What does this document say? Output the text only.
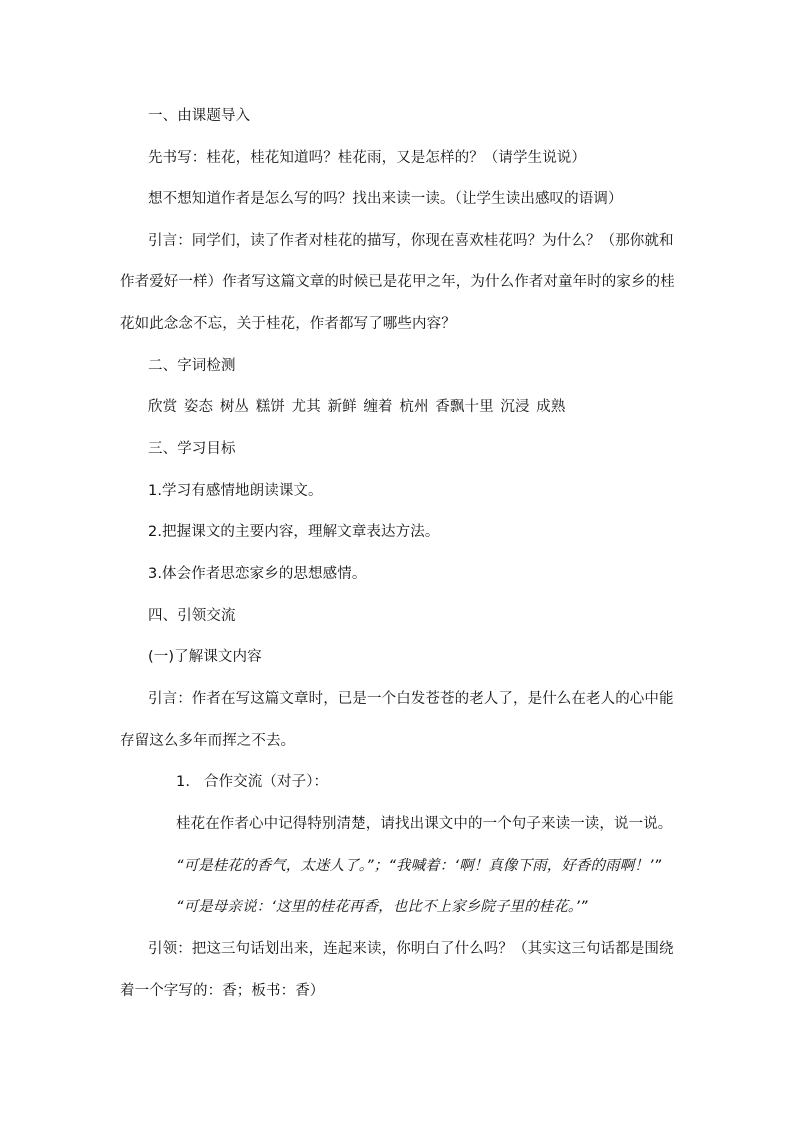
一、由课题导入
先书写：桂花，桂花知道吗？桂花雨，又是怎样的？（请学生说说）
想不想知道作者是怎么写的吗？找出来读一读。（让学生读出感叹的语调）
引言：同学们，读了作者对桂花的描写，你现在喜欢桂花吗？为什么？（那你就和
作者爱好一样）作者写这篇文章的时候已是花甲之年，为什么作者对童年时的家乡的桂
花如此念念不忘，关于桂花，作者都写了哪些内容？
二、字词检测
欣赏 姿态 树丛 糕饼 尤其 新鲜 缠着 杭州 香飘十里 沉浸 成熟
三、学习目标
1.学习有感情地朗读课文。
2.把握课文的主要内容，理解文章表达方法。
3.体会作者思恋家乡的思想感情。
四、引领交流
(一)了解课文内容
引言：作者在写这篇文章时，已是一个白发苍苍的老人了，是什么在老人的心中能
存留这么多年而挥之不去。
1. 合作交流（对子）：
桂花在作者心中记得特别清楚，请找出课文中的一个句子来读一读，说一说。
“可是桂花的香气，太迷人了。”；“我喊着：‘啊！真像下雨，好香的雨啊！’”
“可是母亲说：‘这里的桂花再香，也比不上家乡院子里的桂花。’”
引领：把这三句话划出来，连起来读，你明白了什么吗？（其实这三句话都是围绕
着一个字写的：香；板书：香）
